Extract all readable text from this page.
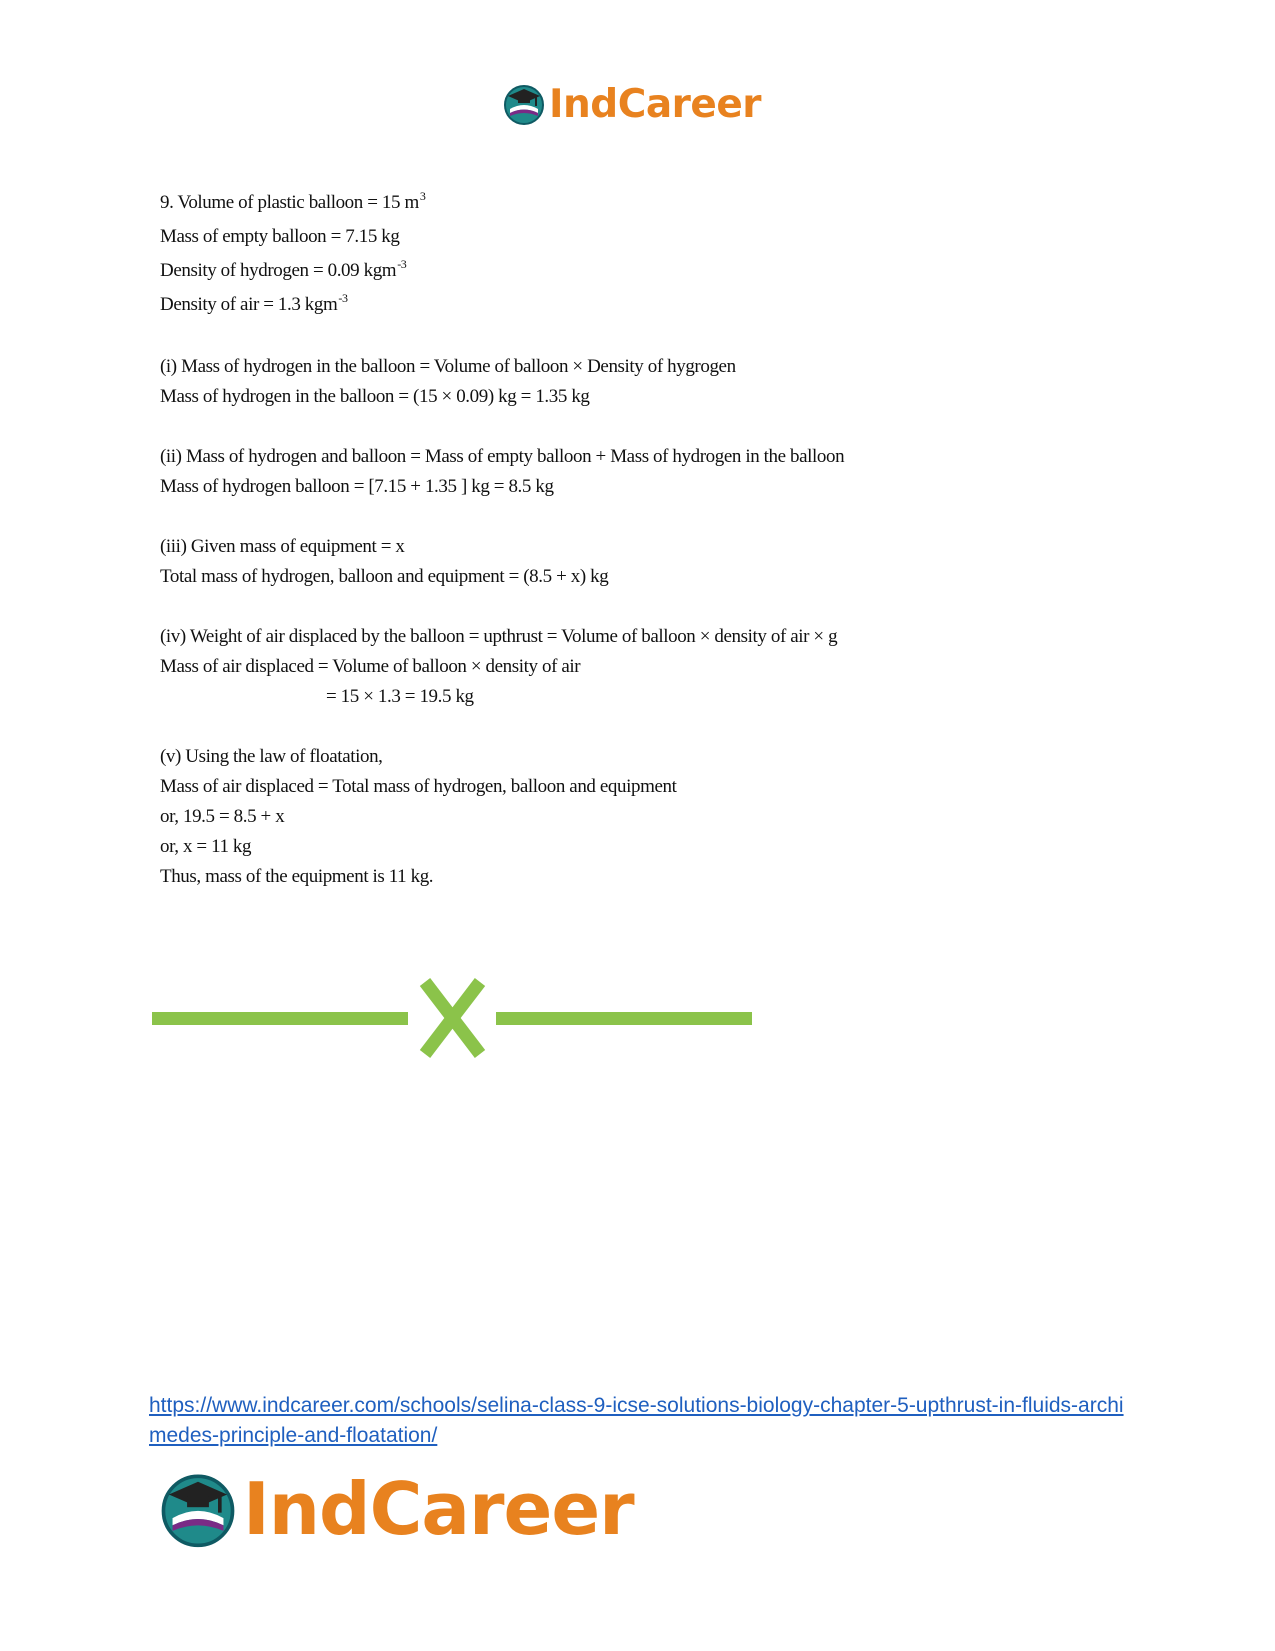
IndCareer
9. Volume of plastic balloon = 15 $m^3$
Mass of empty balloon = 7.15 kg
Density of hydrogen = 0.09 kgm$^{-3}$
Density of air = 1.3 kgm$^{-3}$
(i) Mass of hydrogen in the balloon = Volume of balloon × Density of hygrogen
Mass of hydrogen in the balloon = (15 × 0.09) kg = 1.35 kg
(ii) Mass of hydrogen and balloon = Mass of empty balloon + Mass of hydrogen in the balloon
Mass of hydrogen balloon = [7.15 + 1.35 ] kg = 8.5 kg
(iii) Given mass of equipment = x
Total mass of hydrogen, balloon and equipment = (8.5 + x) kg
(iv) Weight of air displaced by the balloon = upthrust = Volume of balloon × density of air × g
Mass of air displaced = Volume of balloon × density of air
= 15 × 1.3 = 19.5 kg
(v) Using the law of floatation,
Mass of air displaced = Total mass of hydrogen, balloon and equipment
or, 19.5 = 8.5 + x
or, x = 11 kg
Thus, mass of the equipment is 11 kg.
https://www.indcareer.com/schools/selina-class-9-icse-solutions-biology-chapter-5-upthrust-in-fluids-archimedes-principle-and-floatation/
IndCareer
